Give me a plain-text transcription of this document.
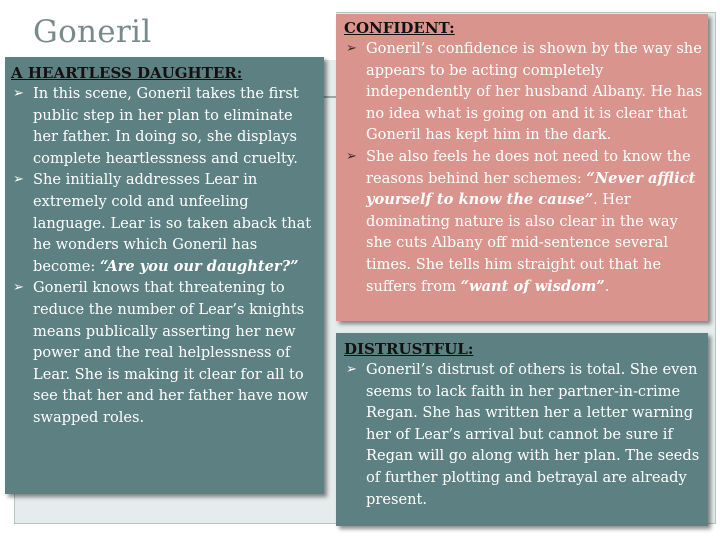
Goneril
A HEARTLESS DAUGHTER:
➢ In this scene, Goneril takes the first public step in her plan to eliminate her father. In doing so, she displays complete heartlessness and cruelty.
➢ She initially addresses Lear in extremely cold and unfeeling language. Lear is so taken aback that he wonders which Goneril has become: “Are you our daughter?”
➢ Goneril knows that threatening to reduce the number of Lear’s knights means publically asserting her new power and the real helplessness of Lear. She is making it clear for all to see that her and her father have now swapped roles.
CONFIDENT:
➢ Goneril’s confidence is shown by the way she appears to be acting completely independently of her husband Albany. He has no idea what is going on and it is clear that Goneril has kept him in the dark.
➢ She also feels he does not need to know the reasons behind her schemes: “Never afflict yourself to know the cause”. Her dominating nature is also clear in the way she cuts Albany off mid-sentence several times. She tells him straight out that he suffers from “want of wisdom”.
DISTRUSTFUL:
➢ Goneril’s distrust of others is total. She even seems to lack faith in her partner-in-crime Regan. She has written her a letter warning her of Lear’s arrival but cannot be sure if Regan will go along with her plan. The seeds of further plotting and betrayal are already present.
